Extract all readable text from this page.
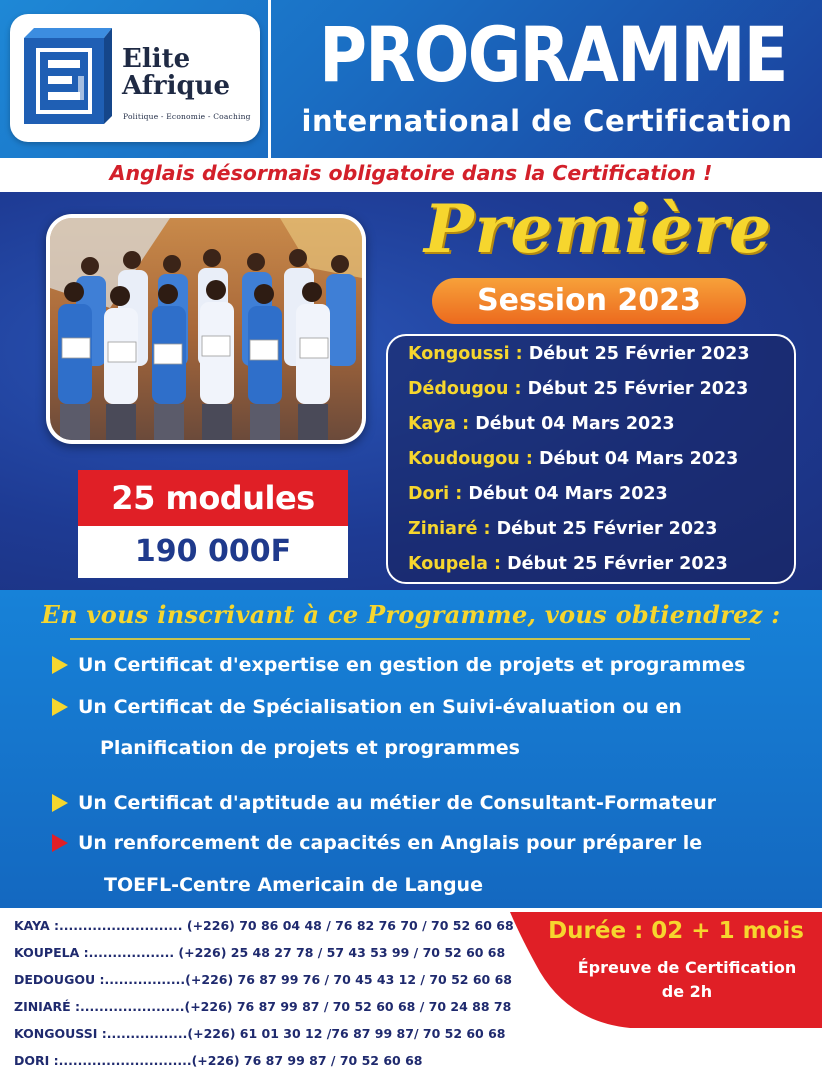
Elite
Afrique
Politique - Economie - Coaching
PROGRAMME
international de Certification
Anglais désormais obligatoire dans la Certification !
Première
Session 2023
Kongoussi : Début 25 Février 2023
Dédougou : Début 25 Février 2023
Kaya : Début 04 Mars 2023
Koudougou : Début 04 Mars 2023
Dori : Début 04 Mars 2023
Ziniaré : Début 25 Février 2023
Koupela : Début 25 Février 2023
25 modules
190 000F
En vous inscrivant à ce Programme, vous obtiendrez :
Un Certificat d'expertise en gestion de projets et programmes
Un Certificat de Spécialisation en Suivi-évaluation ou en
Planification de projets et programmes
Un Certificat d'aptitude au métier de Consultant-Formateur
Un renforcement de capacités en Anglais pour préparer le
TOEFL-Centre Americain de Langue
KAYA :.......................... (+226) 70 86 04 48 / 76 82 76 70 / 70 52 60 68
KOUPELA :.................. (+226) 25 48 27 78 / 57 43 53 99 / 70 52 60 68
DEDOUGOU :.................(+226) 76 87 99 76 / 70 45 43 12 / 70 52 60 68
ZINIARÉ :......................(+226) 76 87 99 87 / 70 52 60 68 / 70 24 88 78
KONGOUSSI :.................(+226) 61 01 30 12 /76 87 99 87/ 70 52 60 68
DORI :............................(+226) 76 87 99 87 / 70 52 60 68
Durée : 02 + 1 mois
Épreuve de Certification
de 2h
